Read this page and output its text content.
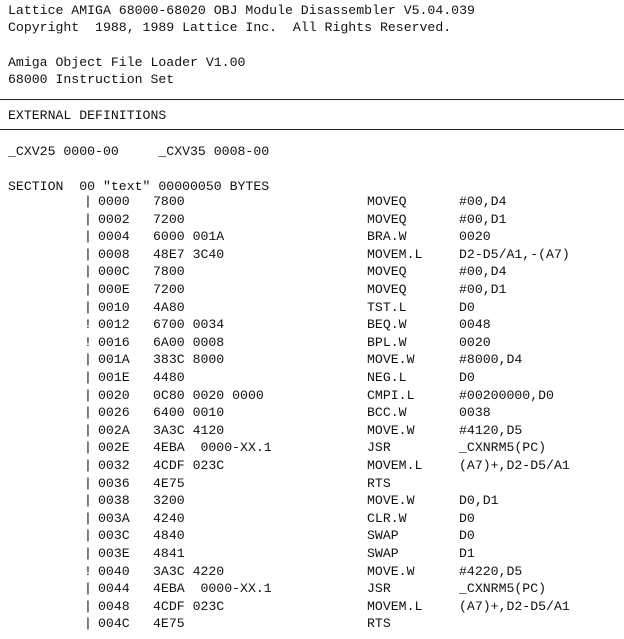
Lattice AMIGA 68000-68020 OBJ Module Disassembler V5.04.039
Copyright  1988, 1989 Lattice Inc.  All Rights Reserved.
Amiga Object File Loader V1.00
68000 Instruction Set
EXTERNAL DEFINITIONS
_CXV25 0000-00     _CXV35 0008-00
SECTION  00 "text" 00000050 BYTES
| 0000 7800	MOVEQ	#00,D4
| 0002 7200	MOVEQ	#00,D1
| 0004 6000 001A	BRA.W	0020
| 0008 48E7 3C40	MOVEM.L	D2-D5/A1,-(A7)
| 000C 7800	MOVEQ	#00,D4
| 000E 7200	MOVEQ	#00,D1
| 0010 4A80	TST.L	D0
! 0012 6700 0034	BEQ.W	0048
! 0016 6A00 0008	BPL.W	0020
| 001A 383C 8000	MOVE.W	#8000,D4
| 001E 4480	NEG.L	D0
| 0020 0C80 0020 0000	CMPI.L	#00200000,D0
| 0026 6400 0010	BCC.W	0038
| 002A 3A3C 4120	MOVE.W	#4120,D5
| 002E 4EBA  0000-XX.1	JSR	_CXNRM5(PC)
| 0032 4CDF 023C	MOVEM.L	(A7)+,D2-D5/A1
| 0036 4E75	RTS
| 0038 3200	MOVE.W	D0,D1
| 003A 4240	CLR.W	D0
| 003C 4840	SWAP	D0
| 003E 4841	SWAP	D1
! 0040 3A3C 4220	MOVE.W	#4220,D5
| 0044 4EBA  0000-XX.1	JSR	_CXNRM5(PC)
| 0048 4CDF 023C	MOVEM.L	(A7)+,D2-D5/A1
| 004C 4E75	RTS
